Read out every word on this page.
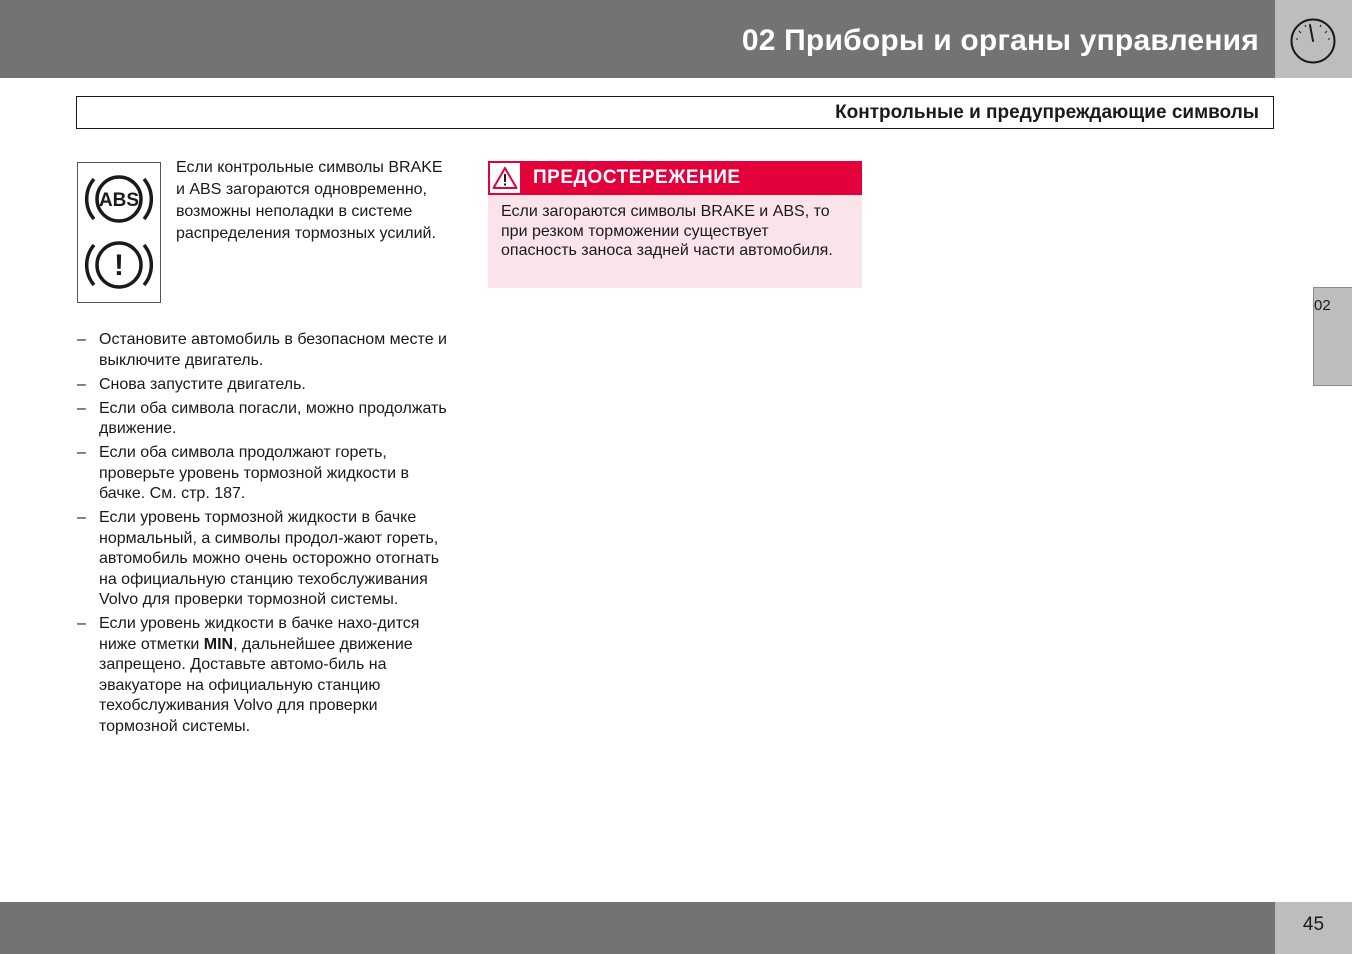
02 Приборы и органы управления
Контрольные и предупреждающие символы
ABS
!
Если контрольные символы BRAKE и ABS загораются одновременно, возможны неполадки в системе распределения тормозных усилий.
– Остановите автомобиль в безопасном месте и выключите двигатель.
– Снова запустите двигатель.
– Если оба символа погасли, можно продолжать движение.
– Если оба символа продолжают гореть, проверьте уровень тормозной жидкости в бачке. См. стр. 187.
– Если уровень тормозной жидкости в бачке нормальный, а символы продол-жают гореть, автомобиль можно очень осторожно отогнать на официальную станцию техобслуживания Volvo для проверки тормозной системы.
– Если уровень жидкости в бачке нахо-дится ниже отметки MIN, дальнейшее движение запрещено. Доставьте автомо-биль на эвакуаторе на официальную станцию техобслуживания Volvo для проверки тормозной системы.
ПРЕДОСТЕРЕЖЕНИЕ
Если загораются символы BRAKE и ABS, то при резком торможении существует опасность заноса задней части автомобиля.
02
45
